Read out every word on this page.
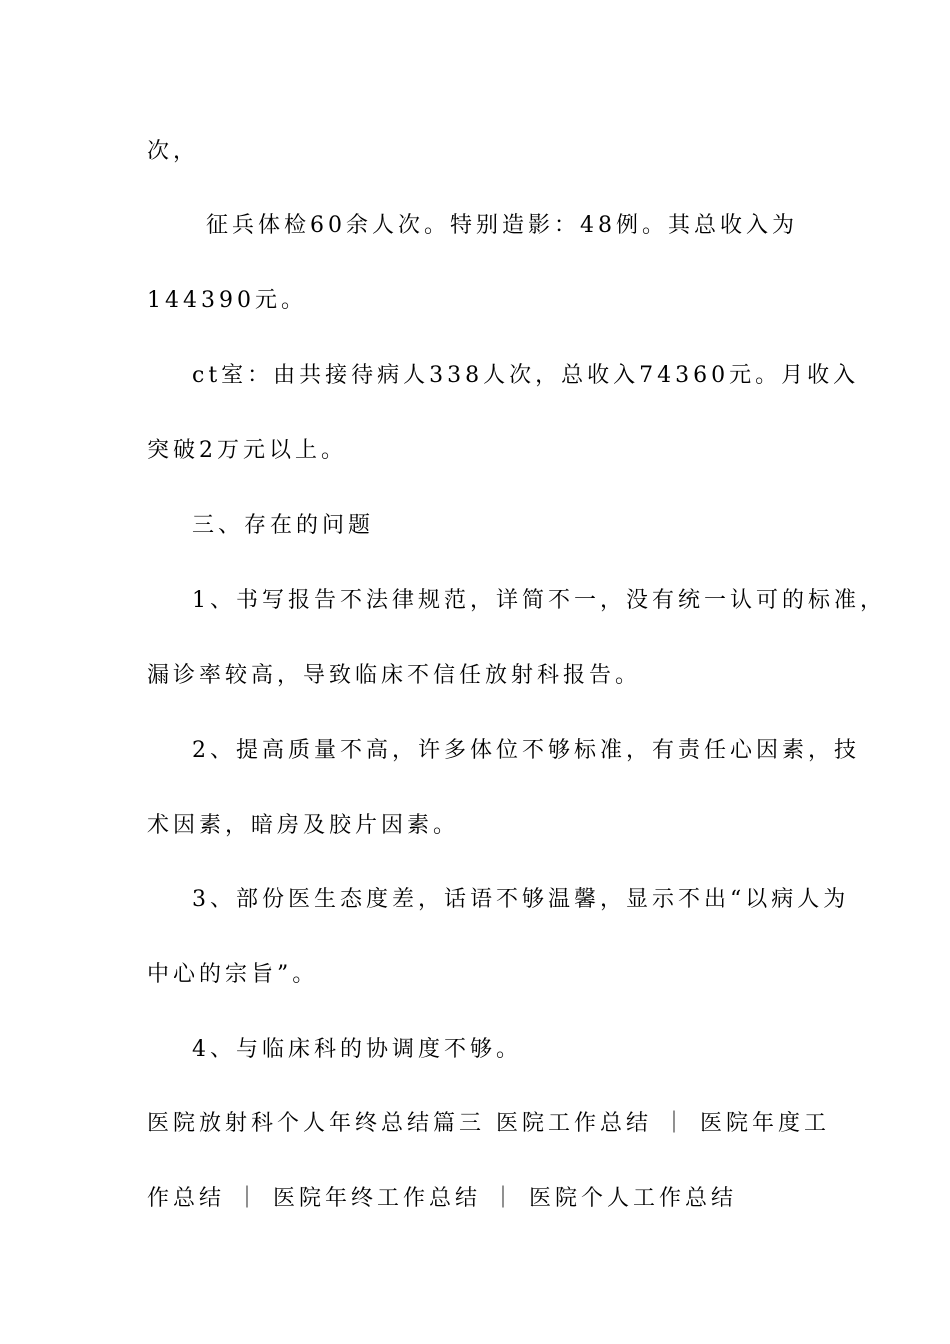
次，
征兵体检60余人次。特别造影：48例。其总收入为
144390元。
ct室：由共接待病人338人次，总收入74360元。月收入
突破2万元以上。
三、存在的问题
1、书写报告不法律规范，详简不一，没有统一认可的标准，
漏诊率较高，导致临床不信任放射科报告。
2、提高质量不高，许多体位不够标准，有责任心因素，技
术因素，暗房及胶片因素。
3、部份医生态度差，话语不够温馨，显示不出“以病人为
中心的宗旨”。
4、与临床科的协调度不够。
医院放射科个人年终总结篇三 医院工作总结 ｜ 医院年度工
作总结 ｜ 医院年终工作总结 ｜ 医院个人工作总结
